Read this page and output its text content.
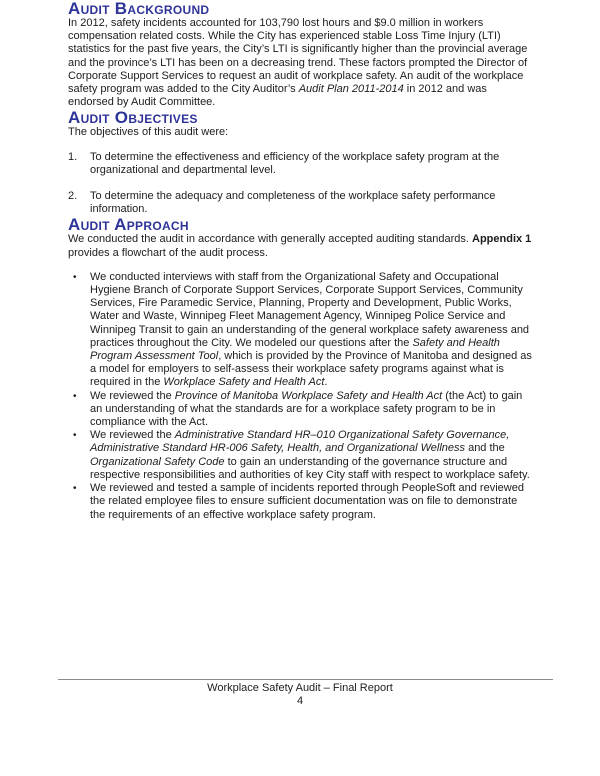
Audit Background

In 2012, safety incidents accounted for 103,790 lost hours and $9.0 million in workers compensation related costs. While the City has experienced stable Loss Time Injury (LTI) statistics for the past five years, the City’s LTI is significantly higher than the provincial average and the province’s LTI has been on a decreasing trend. These factors prompted the Director of Corporate Support Services to request an audit of workplace safety. An audit of the workplace safety program was added to the City Auditor’s Audit Plan 2011-2014 in 2012 and was endorsed by Audit Committee.

Audit Objectives

The objectives of this audit were:

1.	To determine the effectiveness and efficiency of the workplace safety program at the organizational and departmental level.
2.	To determine the adequacy and completeness of the workplace safety performance information.
Audit Approach

We conducted the audit in accordance with generally accepted auditing standards. Appendix 1 provides a flowchart of the audit process.

•	We conducted interviews with staff from the Organizational Safety and Occupational Hygiene Branch of Corporate Support Services, Corporate Support Services, Community Services, Fire Paramedic Service, Planning, Property and Development, Public Works, Water and Waste, Winnipeg Fleet Management Agency, Winnipeg Police Service and Winnipeg Transit to gain an understanding of the general workplace safety awareness and practices throughout the City. We modeled our questions after the Safety and Health Program Assessment Tool, which is provided by the Province of Manitoba and designed as a model for employers to self-assess their workplace safety programs against what is required in the Workplace Safety and Health Act.
•	We reviewed the Province of Manitoba Workplace Safety and Health Act (the Act) to gain an understanding of what the standards are for a workplace safety program to be in compliance with the Act.
•	We reviewed the Administrative Standard HR–010 Organizational Safety Governance, Administrative Standard HR-006 Safety, Health, and Organizational Wellness and the Organizational Safety Code to gain an understanding of the governance structure and respective responsibilities and authorities of key City staff with respect to workplace safety.
•	We reviewed and tested a sample of incidents reported through PeopleSoft and reviewed the related employee files to ensure sufficient documentation was on file to demonstrate the requirements of an effective workplace safety program.
Workplace Safety Audit – Final Report
4
